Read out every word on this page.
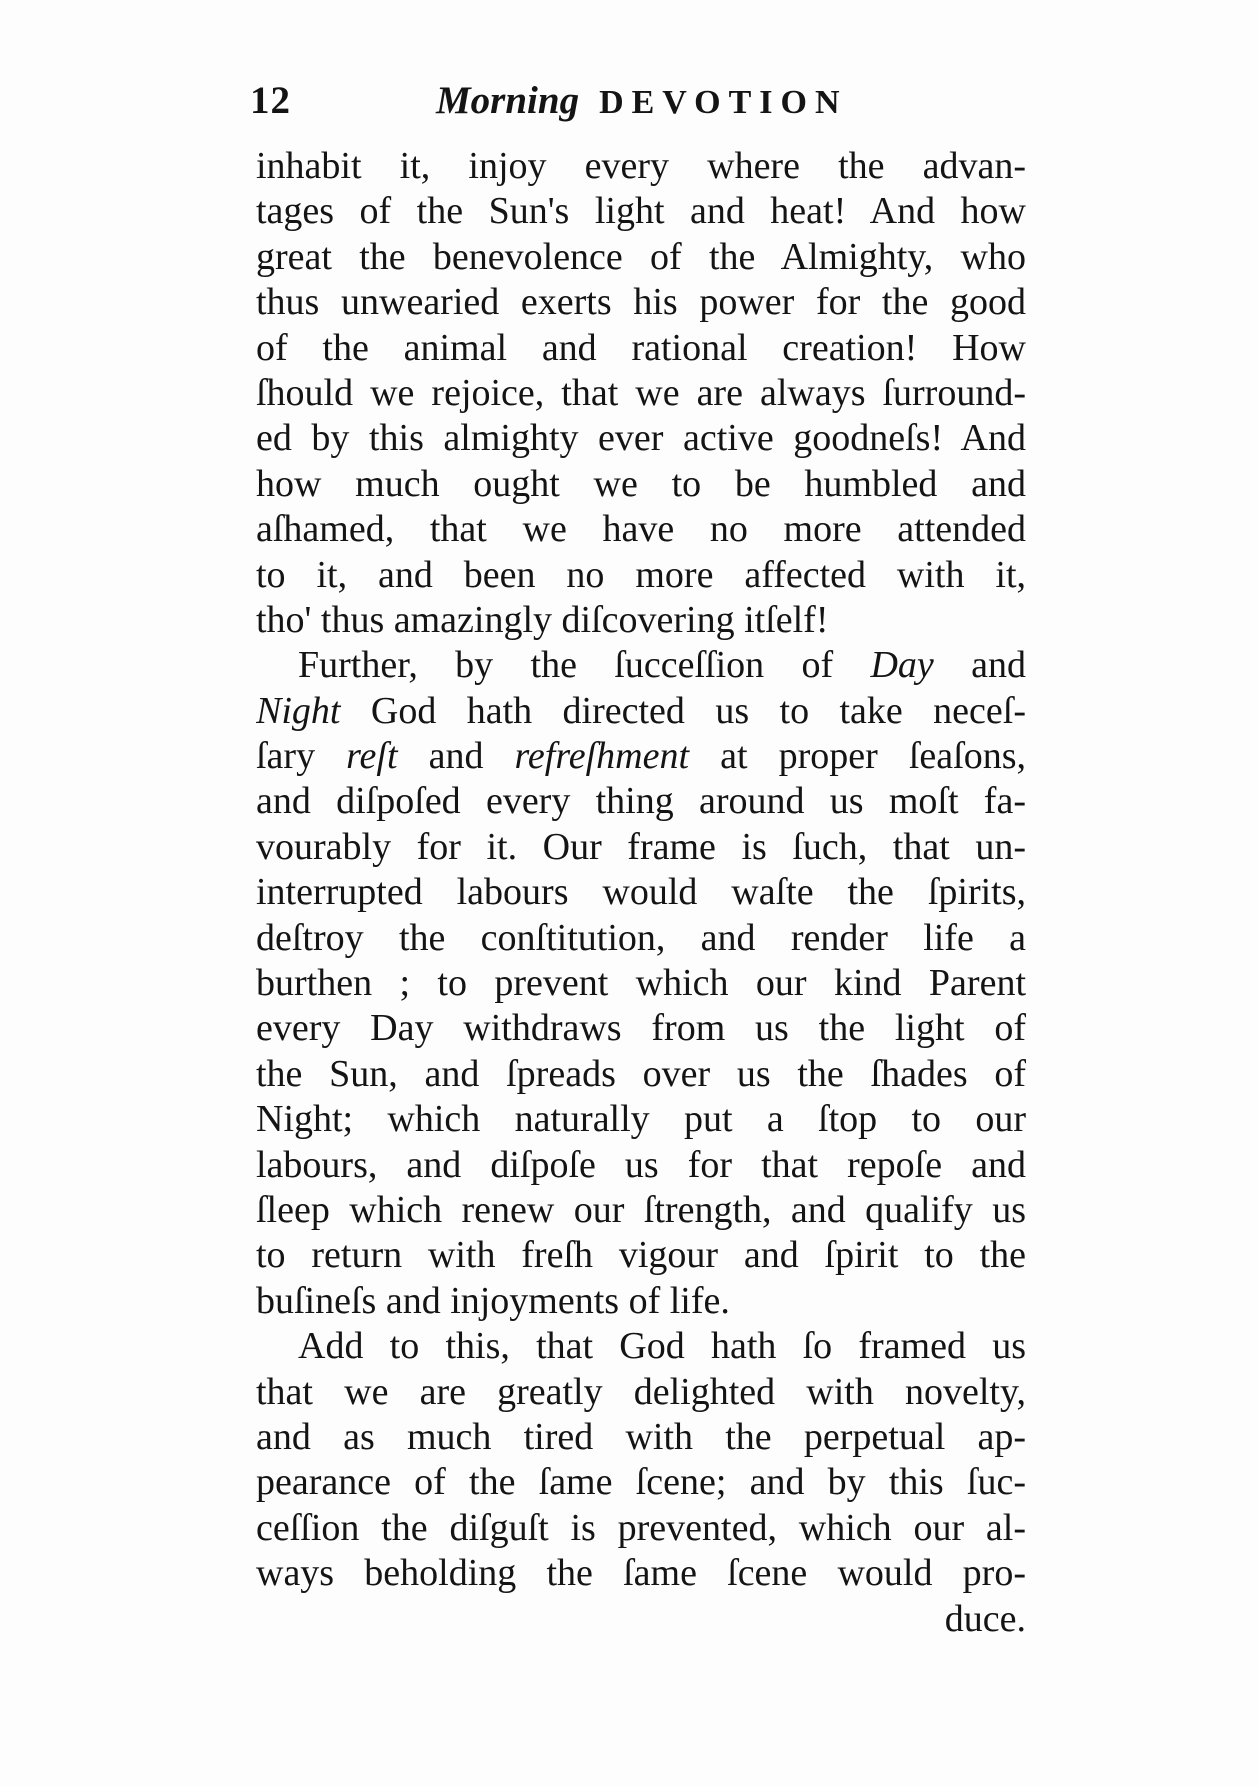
12	Morning DEVOTION
inhabit it, injoy every where the advan-
tages of the Sun's light and heat! And how
great the benevolence of the Almighty, who
thus unwearied exerts his power for the good
of the animal and rational creation! How
ſhould we rejoice, that we are always ſurround-
ed by this almighty ever active goodneſs! And
how much ought we to be humbled and
aſhamed, that we have no more attended
to it, and been no more affected with it,
tho' thus amazingly diſcovering itſelf!
Further, by the ſucceſſion of Day and
Night God hath directed us to take neceſ-
ſary reſt and refreſhment at proper ſeaſons,
and diſpoſed every thing around us moſt fa-
vourably for it. Our frame is ſuch, that un-
interrupted labours would waſte the ſpirits,
deſtroy the conſtitution, and render life a
burthen ; to prevent which our kind Parent
every Day withdraws from us the light of
the Sun, and ſpreads over us the ſhades of
Night; which naturally put a ſtop to our
labours, and diſpoſe us for that repoſe and
ſleep which renew our ſtrength, and qualify us
to return with freſh vigour and ſpirit to the
buſineſs and injoyments of life.
Add to this, that God hath ſo framed us
that we are greatly delighted with novelty,
and as much tired with the perpetual ap-
pearance of the ſame ſcene; and by this ſuc-
ceſſion the diſguſt is prevented, which our al-
ways beholding the ſame ſcene would pro-
duce.
